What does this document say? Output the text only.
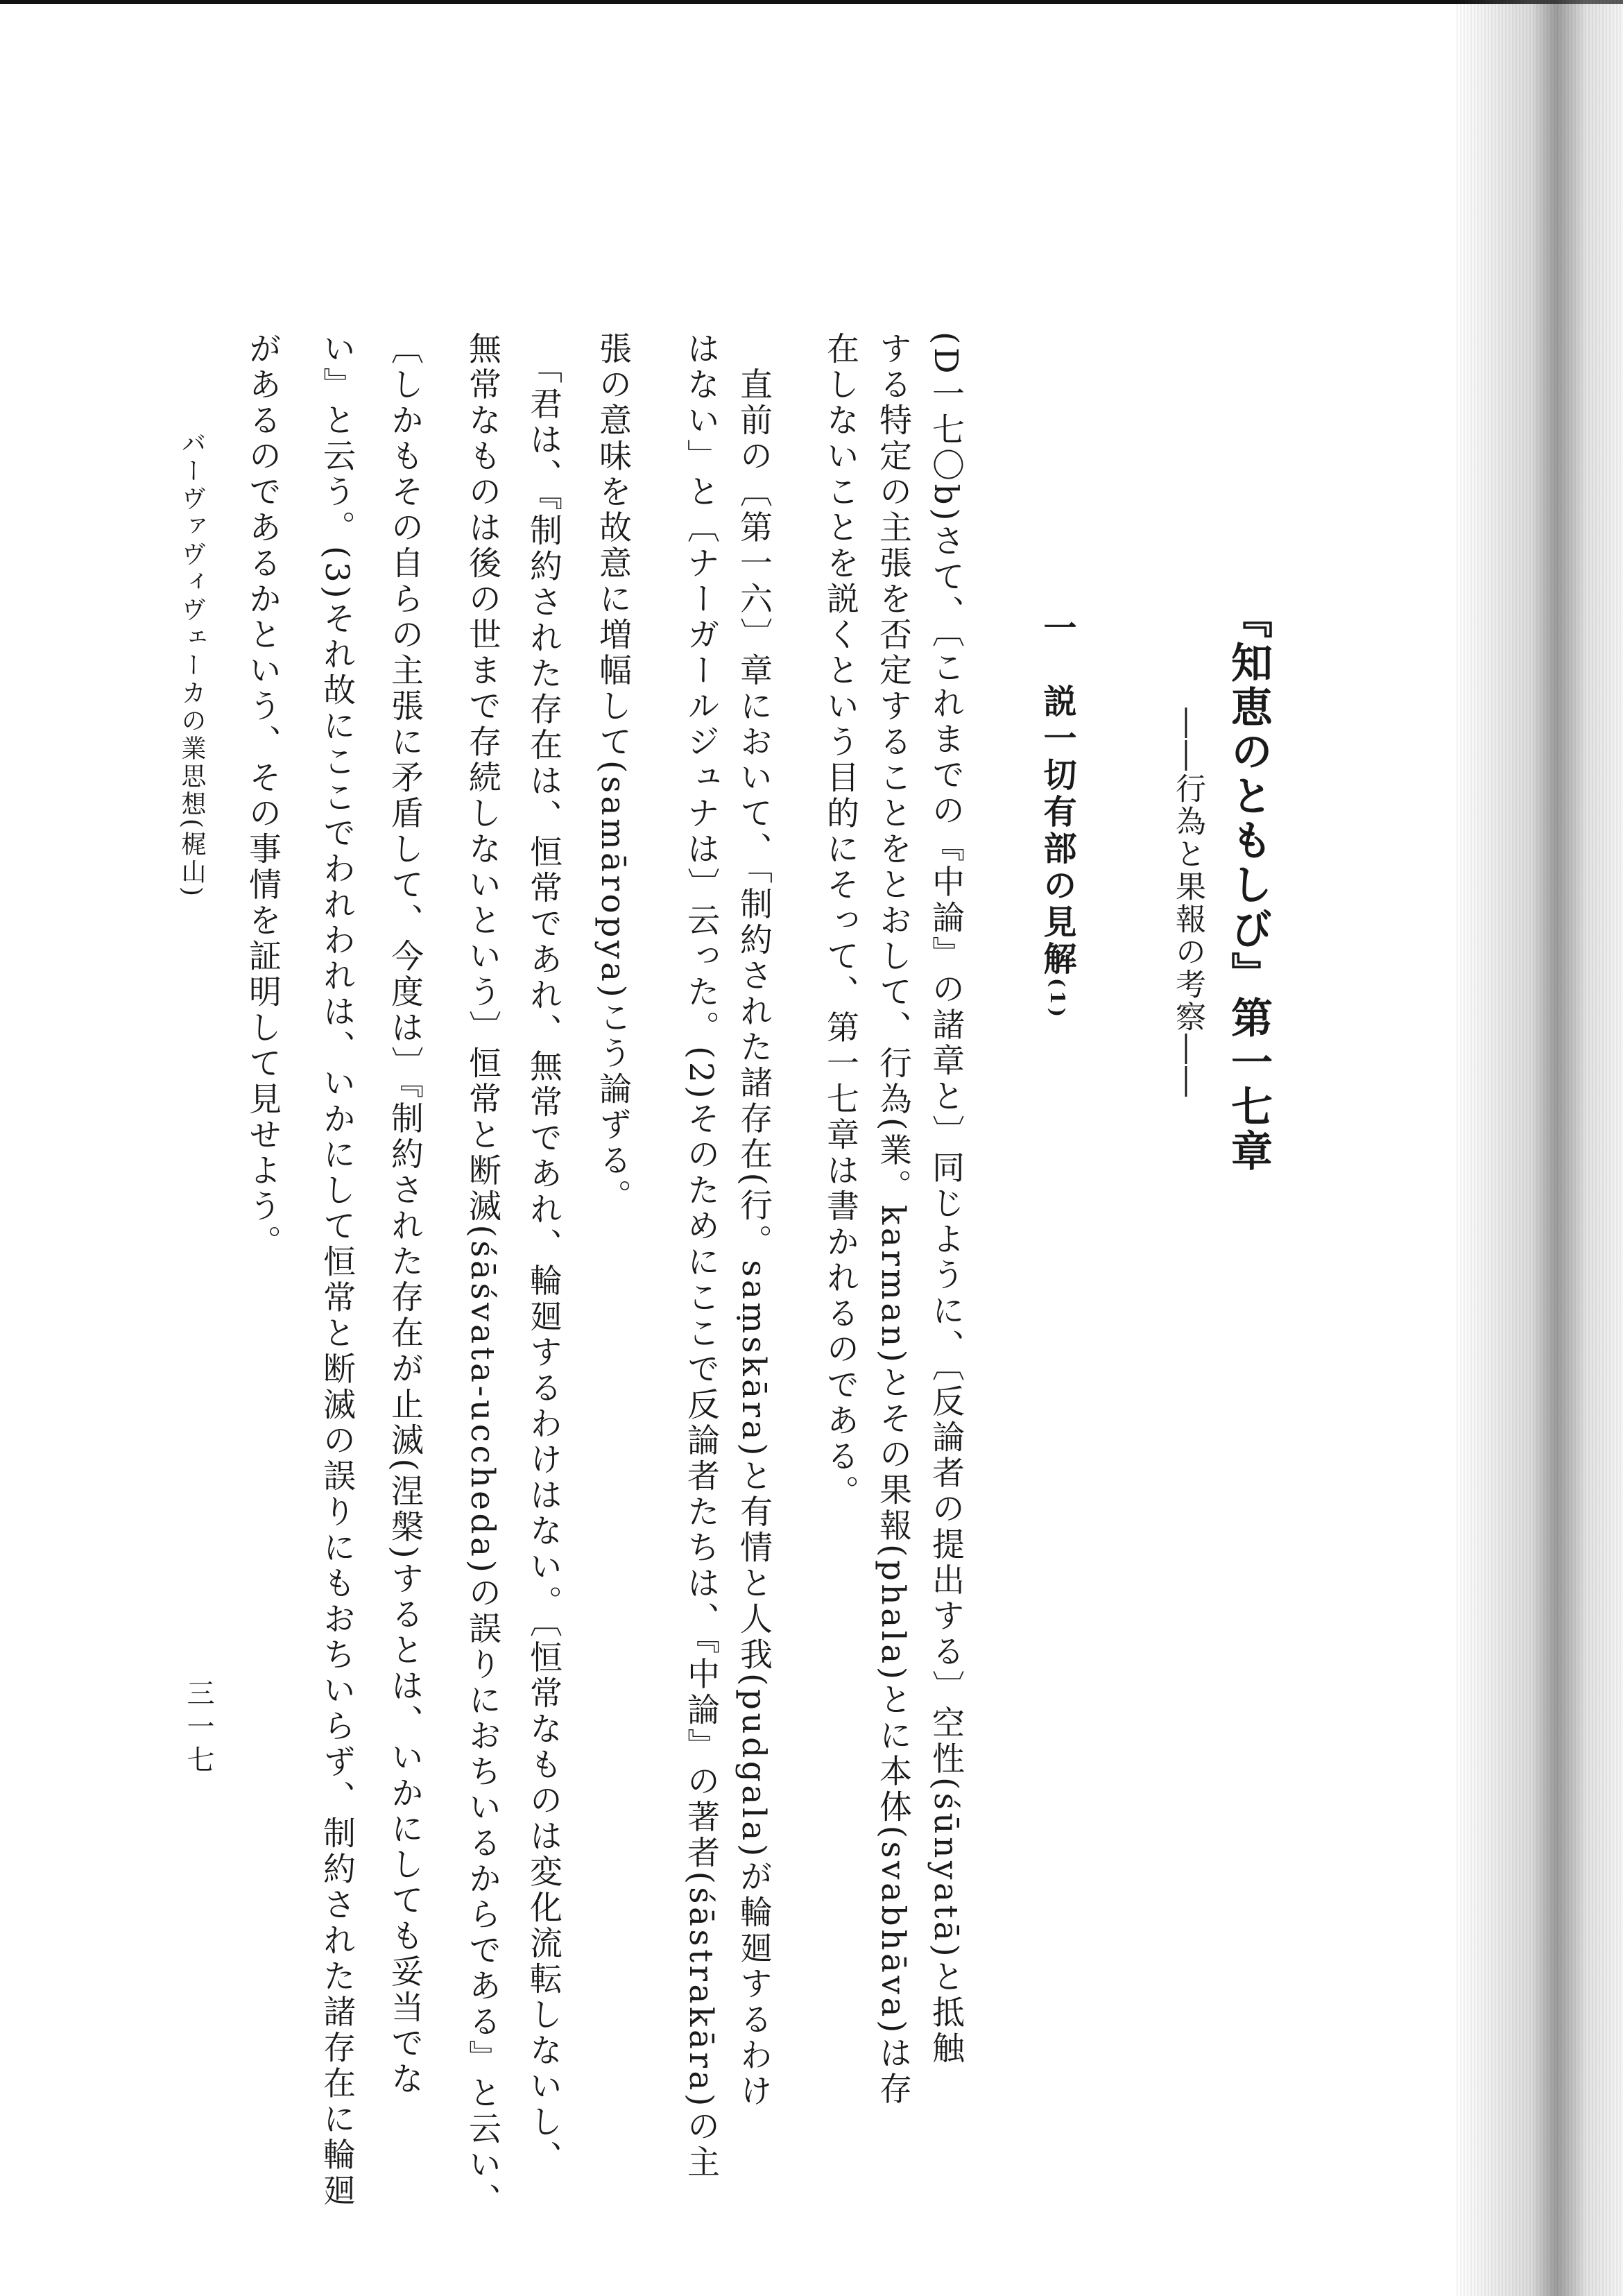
『知恵のともしび』第一七章
――行為と果報の考察――
一　説一切有部の見解(1)
(D一七〇b)さて、〔これまでの『中論』の諸章と〕同じように、〔反論者の提出する〕空性(śūnyatā)と抵触
する特定の主張を否定することをとおして、行為(業。karman)とその果報(phala)とに本体(svabhāva)は存
在しないことを説くという目的にそって、第一七章は書かれるのである。
　直前の〔第一六〕章において、「制約された諸存在(行。saṃskāra)と有情と人我(pudgala)が輪廻するわけ
はない」と〔ナーガールジュナは〕云った。(2)そのためにここで反論者たちは、『中論』の著者(śāstrakāra)の主
張の意味を故意に増幅して(samāropya)こう論ずる。
　「君は、『制約された存在は、恒常であれ、無常であれ、輪廻するわけはない。〔恒常なものは変化流転しないし、
無常なものは後の世まで存続しないという〕恒常と断滅(śāśvata-uccheda)の誤りにおちいるからである』と云い、
〔しかもその自らの主張に矛盾して、今度は〕『制約された存在が止滅(涅槃)するとは、いかにしても妥当でな
い』と云う。(3)それ故にここでわれわれは、いかにして恒常と断滅の誤りにもおちいらず、制約された諸存在に輪廻
があるのであるかという、その事情を証明して見せよう。
バーヴァヴィヴェーカの業思想(梶山)
三一七
